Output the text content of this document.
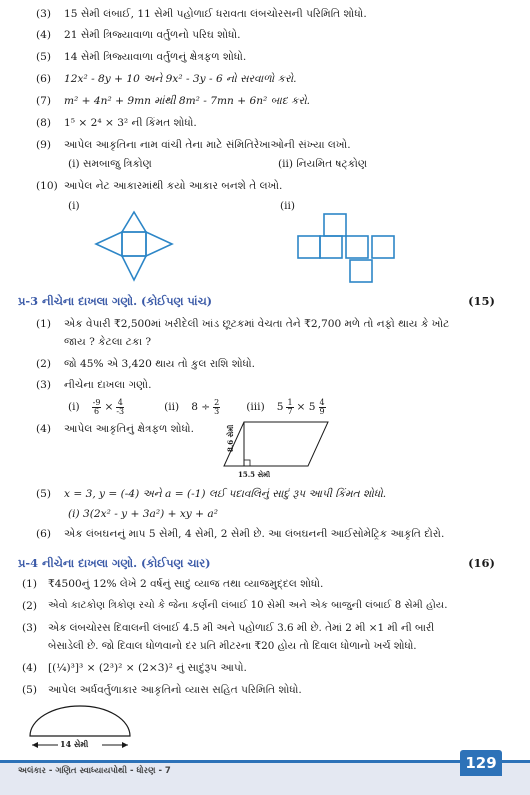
(3) 15 સેમી લંબાઈ, 11 સેમી પહોળાઈ ધરાવતા લંબચોરસની પરિમિતિ શોધો.
(4) 21 સેમી ત્રિજ્યાવાળા વર્તુળનો પરિઘ શોધો.
(5) 14 સેમી ત્રિજ્યાવાળા વર્તુળનું ક્ષેત્રફળ શોધો.
(6) 12x² - 8y + 10 અને 9x² - 3y - 6 નો સરવાળો કરો.
(7) m² + 4n² + 9mn માંથી 8m² - 7mn + 6n² બાદ કરો.
(8) 1⁵ × 2⁴ × 3² ની કિંમત શોધો.
(9) આપેલ આકૃતિના નામ વાંચી તેના માટે સંમિતિરેખાઓની સંખ્યા લખો.
(i) સમબાજુ ત્રિકોણ	(ii) નિયમિત ષટ્કોણ
(10) આપેલ નેટ આકારમાંથી કયો આકાર બનશે તે લખો.
(i)	(ii)
પ્ર-3 નીચેના દાખલા ગણો. (કોઈપણ પાંચ)	(15)
(1) એક વેપારી ₹2,500માં ખરીદેલી ખાંડ છૂટકમાં વેચતા તેને ₹2,700 મળે તો નફો થાય કે ખોટ
જાય ? કેટલા ટકા ?
(2) જો 45% એ 3,420 થાય તો કુલ રાશિ શોધો.
(3) નીચેના દાખલા ગણો.
$(i) \frac{-9}{6} \times \frac{4}{-3}$	(ii) $8 \div \frac{2}{3} (iii)$ $5 \frac{1}{7} \times 5 \frac{4}{9}$
(4) આપેલ આકૃતિનું ક્ષેત્રફળ શોધો.	8.6 સેમી
15.5 સેમી
(5) x = 3, y = (-4) અને a = (-1) લઈ પદાવલિનું સાદું રૂપ આપી કિંમત શોધો.
(i) 3(2x² - y + 3a²) + xy + a²
(6) એક લંબઘનનું માપ 5 સેમી, 4 સેમી, 2 સેમી છે. આ લંબઘનની આઈસોમેટ્રિક આકૃતિ દોરો.
પ્ર-4 નીચેના દાખલા ગણો. (કોઈપણ ચાર)	(16)
(1) ₹4500નું 12% લેખે 2 વર્ષનું સાદું વ્યાજ તથા વ્યાજમુદ્દલ શોધો.
(2) એવો કાટકોણ ત્રિકોણ રચો કે જેના કર્ણની લંબાઈ 10 સેમી અને એક બાજુની લંબાઈ 8 સેમી હોય.
(3) એક લંબચોરસ દિવાલની લંબાઈ 4.5 મી અને પહોળાઈ 3.6 મી છે. તેમાં 2 મી ×1 મી ની બારી
બેસાડેલી છે. જો દિવાલ ધોળવાનો દર પ્રતિ મીટરના ₹20 હોય તો દિવાલ ધોળાનો ખર્ચ શોધો.
(4) [(¼)³]³ × (2³)² × (2×3)² નું સાદુંરૂપ આપો.
(5) આપેલ અર્ધવર્તુળાકાર આકૃતિનો વ્યાસ સહિત પરિમિતિ શોધો.
14 સેમી
અલંકાર - ગણિત સ્વાધ્યાયપોથી - ધોરણ - 7	129
